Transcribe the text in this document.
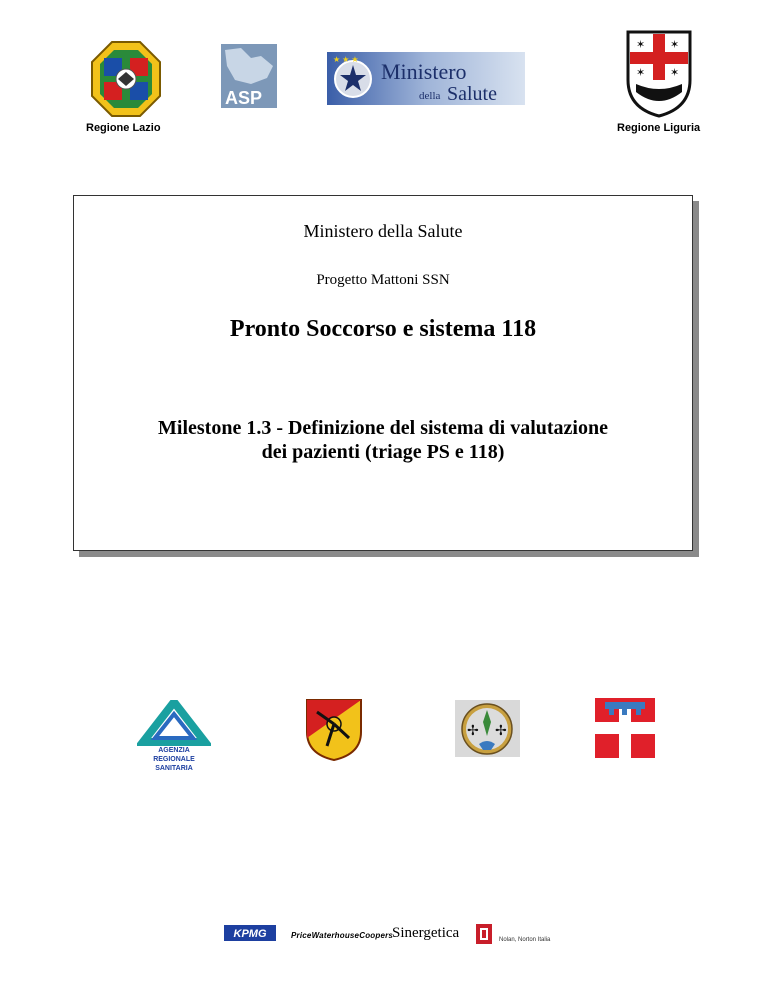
ASP
★ ★ ★ Ministero
della Salute
✶ ✶
✶ ✶
Regione Lazio	Regione Liguria
Ministero della Salute
Progetto Mattoni SSN
Pronto Soccorso e sistema 118
Milestone 1.3 - Definizione del sistema di valutazione
dei pazienti (triage PS e 118)
AGENZIA
REGIONALE
SANITARIA
✢ ✢
KPMG	PriceWaterhouseCoopers
Sinergetica	Nolan, Norton Italia
